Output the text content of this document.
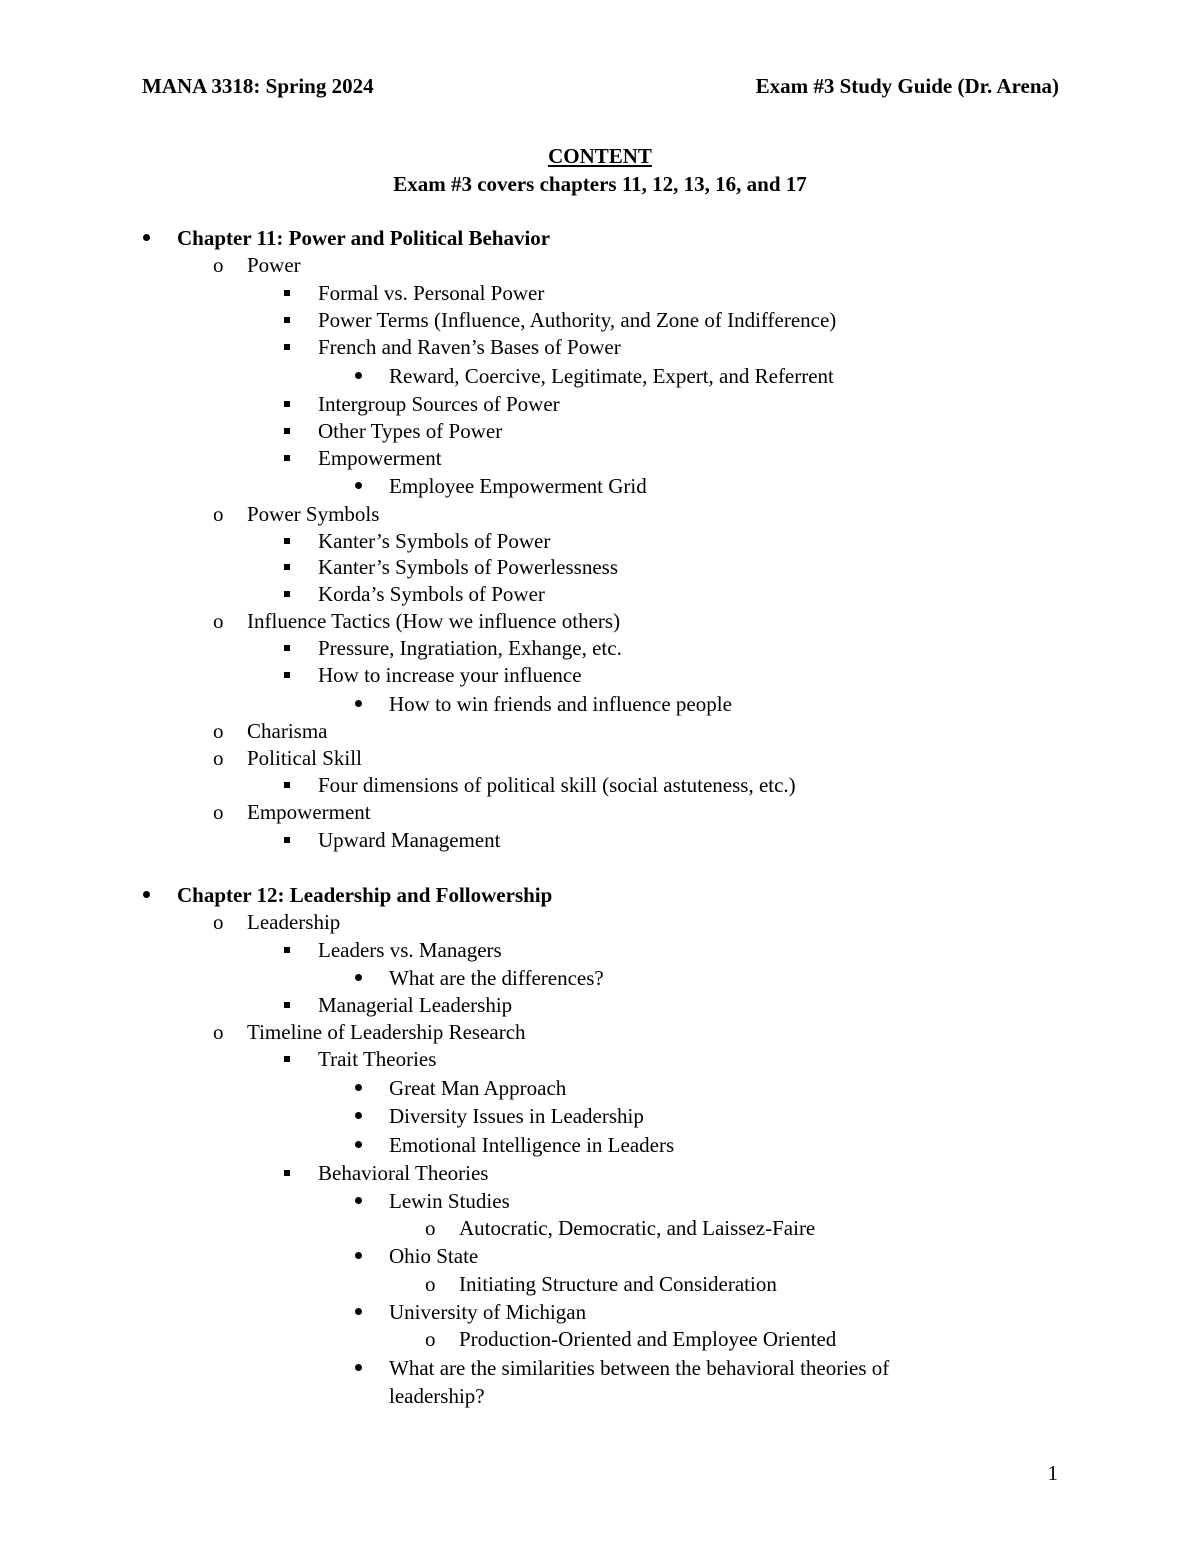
MANA 3318: Spring 2024	Exam #3 Study Guide (Dr. Arena)
CONTENT
Exam #3 covers chapters 11, 12, 13, 16, and 17
Chapter 11: Power and Political Behavior
o Power
Formal vs. Personal Power
Power Terms (Influence, Authority, and Zone of Indifference)
French and Raven’s Bases of Power
Reward, Coercive, Legitimate, Expert, and Referrent
Intergroup Sources of Power
Other Types of Power
Empowerment
Employee Empowerment Grid
o Power Symbols
Kanter’s Symbols of Power
Kanter’s Symbols of Powerlessness
Korda’s Symbols of Power
o Influence Tactics (How we influence others)
Pressure, Ingratiation, Exhange, etc.
How to increase your influence
How to win friends and influence people
o Charisma
o Political Skill
Four dimensions of political skill (social astuteness, etc.)
o Empowerment
Upward Management
Chapter 12: Leadership and Followership
o Leadership
Leaders vs. Managers
What are the differences?
Managerial Leadership
o Timeline of Leadership Research
Trait Theories
Great Man Approach
Diversity Issues in Leadership
Emotional Intelligence in Leaders
Behavioral Theories
Lewin Studies
o Autocratic, Democratic, and Laissez-Faire
Ohio State
o Initiating Structure and Consideration
University of Michigan
o Production-Oriented and Employee Oriented
What are the similarities between the behavioral theories of
leadership?
1
